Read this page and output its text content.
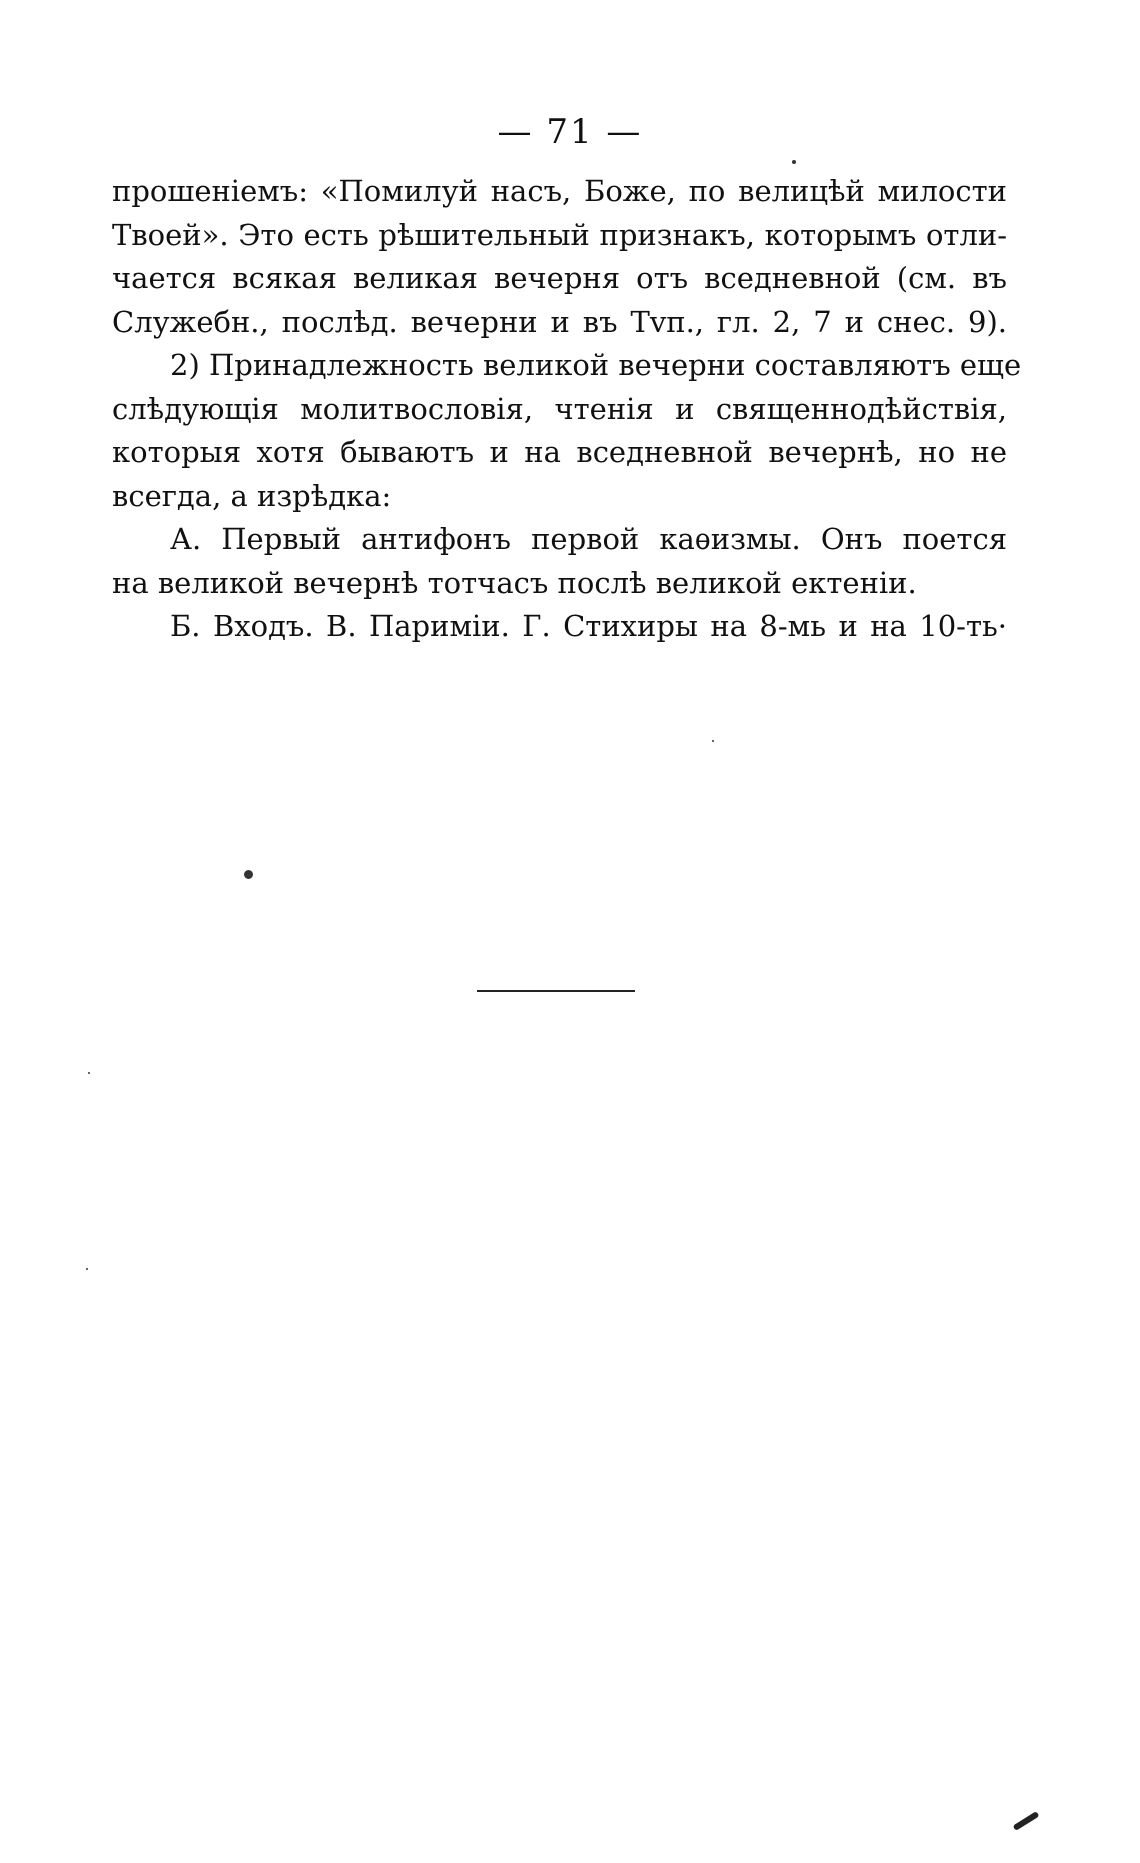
— 71 —
прошеніемъ: «Помилуй насъ, Боже, по велицѣй милости
Твоей». Это есть рѣшительный признакъ, которымъ отли-
чается всякая великая вечерня отъ вседневной (см. въ
Служебн., послѣд. вечерни и въ Тvп., гл. 2, 7 и снес. 9).
2) Принадлежность великой вечерни составляютъ еще
слѣдующія молитвословія, чтенія и священнодѣйствія,
которыя хотя бываютъ и на вседневной вечернѣ, но не
всегда, а изрѣдка:
А. Первый антифонъ первой каѳизмы. Онъ поется
на великой вечернѣ тотчасъ послѣ великой ектеніи.
Б. Входъ. В. Паримiи. Г. Стихиры на 8-мь и на 10-ть·
